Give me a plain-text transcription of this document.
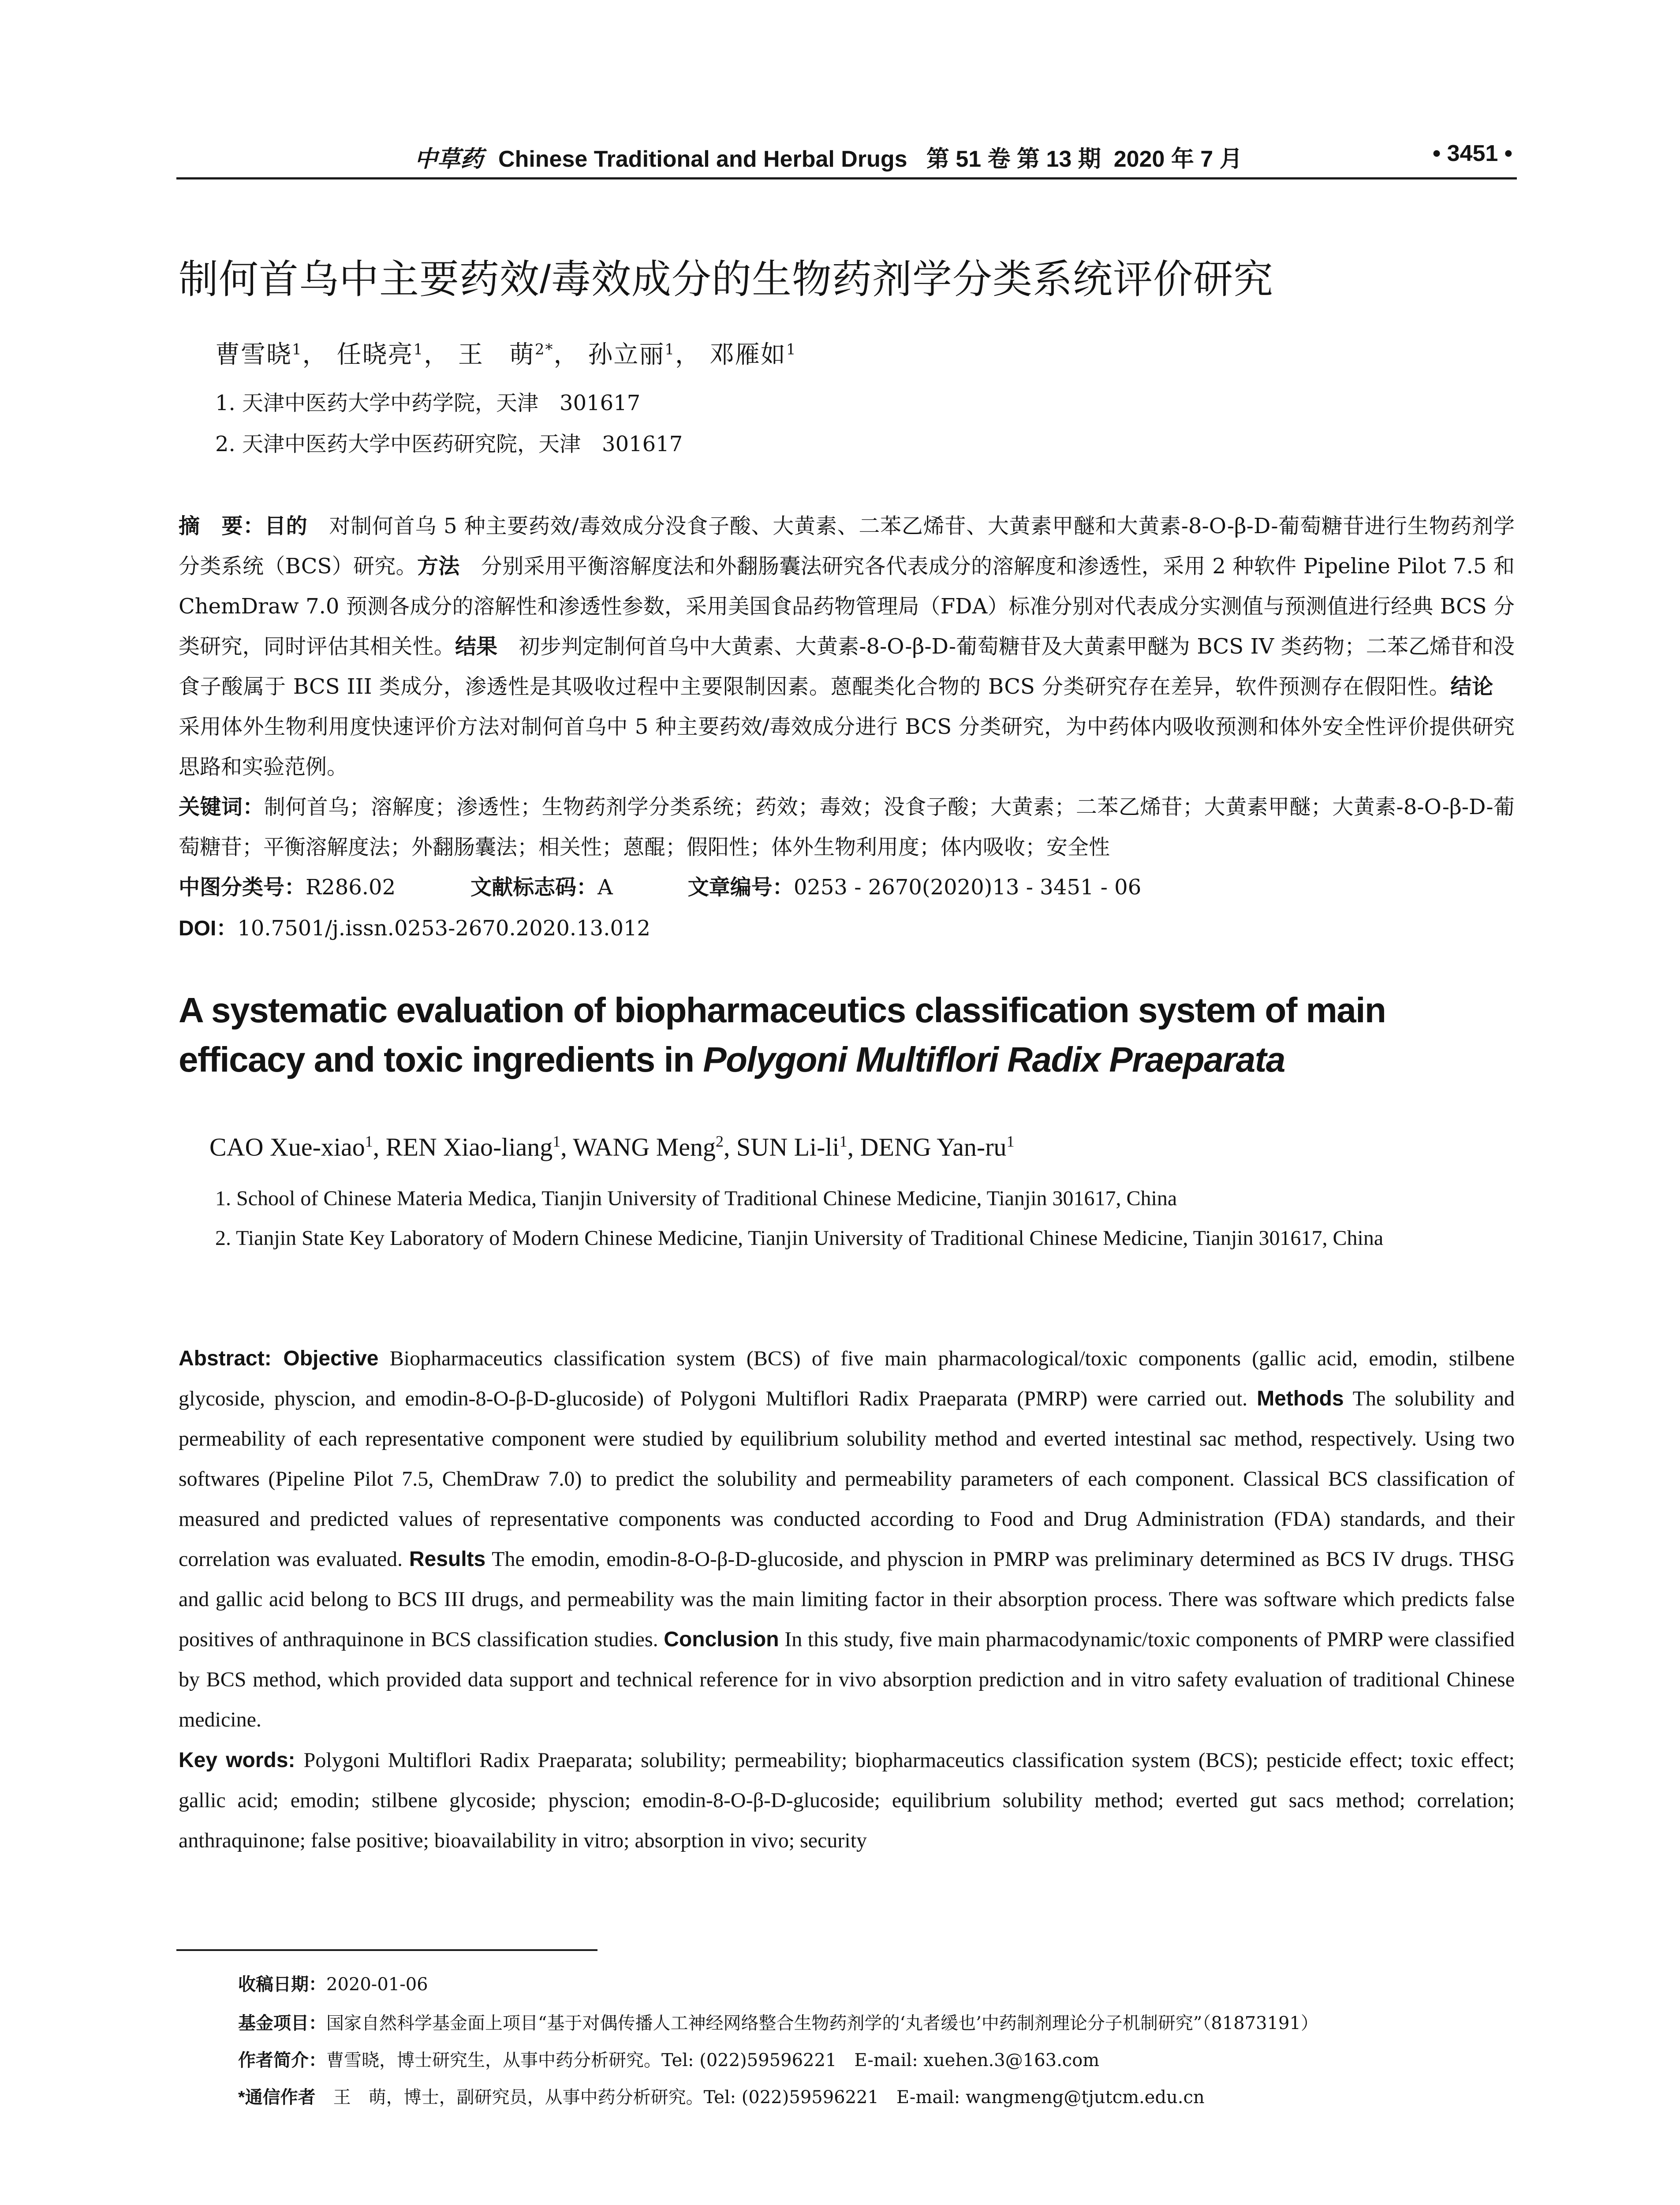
中草药 Chinese Traditional and Herbal Drugs   第 51 卷 第 13 期  2020 年 7 月	• 3451 •
制何首乌中主要药效/毒效成分的生物药剂学分类系统评价研究
曹雪晓$^1$， 任晓亮$^1$， 王　萌$^{2*}$， 孙立丽$^1$， 邓雁如$^1$
1. 天津中医药大学中药学院，天津　301617
2. 天津中医药大学中医药研究院，天津　301617
摘　要：目的　对制何首乌 5 种主要药效/毒效成分没食子酸、大黄素、二苯乙烯苷、大黄素甲醚和大黄素-8-O-β-D-葡萄糖苷进行生物药剂学分类系统（BCS）研究。方法　分别采用平衡溶解度法和外翻肠囊法研究各代表成分的溶解度和渗透性，采用 2 种软件 Pipeline Pilot 7.5 和 ChemDraw 7.0 预测各成分的溶解性和渗透性参数，采用美国食品药物管理局（FDA）标准分别对代表成分实测值与预测值进行经典 BCS 分类研究，同时评估其相关性。结果　初步判定制何首乌中大黄素、大黄素-8-O-β-D-葡萄糖苷及大黄素甲醚为 BCS IV 类药物；二苯乙烯苷和没食子酸属于 BCS III 类成分，渗透性是其吸收过程中主要限制因素。蒽醌类化合物的 BCS 分类研究存在差异，软件预测存在假阳性。结论　采用体外生物利用度快速评价方法对制何首乌中 5 种主要药效/毒效成分进行 BCS 分类研究，为中药体内吸收预测和体外安全性评价提供研究思路和实验范例。
关键词：制何首乌；溶解度；渗透性；生物药剂学分类系统；药效；毒效；没食子酸；大黄素；二苯乙烯苷；大黄素甲醚；大黄素-8-O-β-D-葡萄糖苷；平衡溶解度法；外翻肠囊法；相关性；蒽醌；假阳性；体外生物利用度；体内吸收；安全性
中图分类号：R286.02	文献标志码：A	文章编号：0253 - 2670(2020)13 - 3451 - 06
DOI：10.7501/j.issn.0253-2670.2020.13.012
A systematic evaluation of biopharmaceutics classification system of main efficacy and toxic ingredients in Polygoni Multiflori Radix Praeparata
CAO Xue-xiao$^1$, REN Xiao-liang$^1$, WANG Meng$^2$, SUN $Li-li^1$, DENG Yan-$ru^1$
1. School of Chinese Materia Medica, Tianjin University of Traditional Chinese Medicine, Tianjin 301617, China
2. Tianjin State Key Laboratory of Modern Chinese Medicine, Tianjin University of Traditional Chinese Medicine, Tianjin 301617, China
Abstract: Objective Biopharmaceutics classification system (BCS) of five main pharmacological/toxic components (gallic acid, emodin, stilbene glycoside, physcion, and emodin-8-O-β-D-glucoside) of Polygoni Multiflori Radix Praeparata (PMRP) were carried out. Methods The solubility and permeability of each representative component were studied by equilibrium solubility method and everted intestinal sac method, respectively. Using two softwares (Pipeline Pilot 7.5, ChemDraw 7.0) to predict the solubility and permeability parameters of each component. Classical BCS classification of measured and predicted values of representative components was conducted according to Food and Drug Administration (FDA) standards, and their correlation was evaluated. Results The emodin, emodin-8-O-β-D-glucoside, and physcion in PMRP was preliminary determined as BCS IV drugs. THSG and gallic acid belong to BCS III drugs, and permeability was the main limiting factor in their absorption process. There was software which predicts false positives of anthraquinone in BCS classification studies. Conclusion In this study, five main pharmacodynamic/toxic components of PMRP were classified by BCS method, which provided data support and technical reference for in vivo absorption prediction and in vitro safety evaluation of traditional Chinese medicine.
Key words: Polygoni Multiflori Radix Praeparata; solubility; permeability; biopharmaceutics classification system (BCS); pesticide effect; toxic effect; gallic acid; emodin; stilbene glycoside; physcion; emodin-8-O-β-D-glucoside; equilibrium solubility method; everted gut sacs method; correlation; anthraquinone; false positive; bioavailability in vitro; absorption in vivo; security
收稿日期：2020-01-06
基金项目：国家自然科学基金面上项目“基于对偶传播人工神经网络整合生物药剂学的‘丸者缓也’中药制剂理论分子机制研究”（81873191）
作者简介：曹雪晓，博士研究生，从事中药分析研究。Tel: (022)59596221　E-mail: xuehen.3@163.com
*通信作者　王　萌，博士，副研究员，从事中药分析研究。Tel: (022)59596221　E-mail: wangmeng@tjutcm.edu.cn
